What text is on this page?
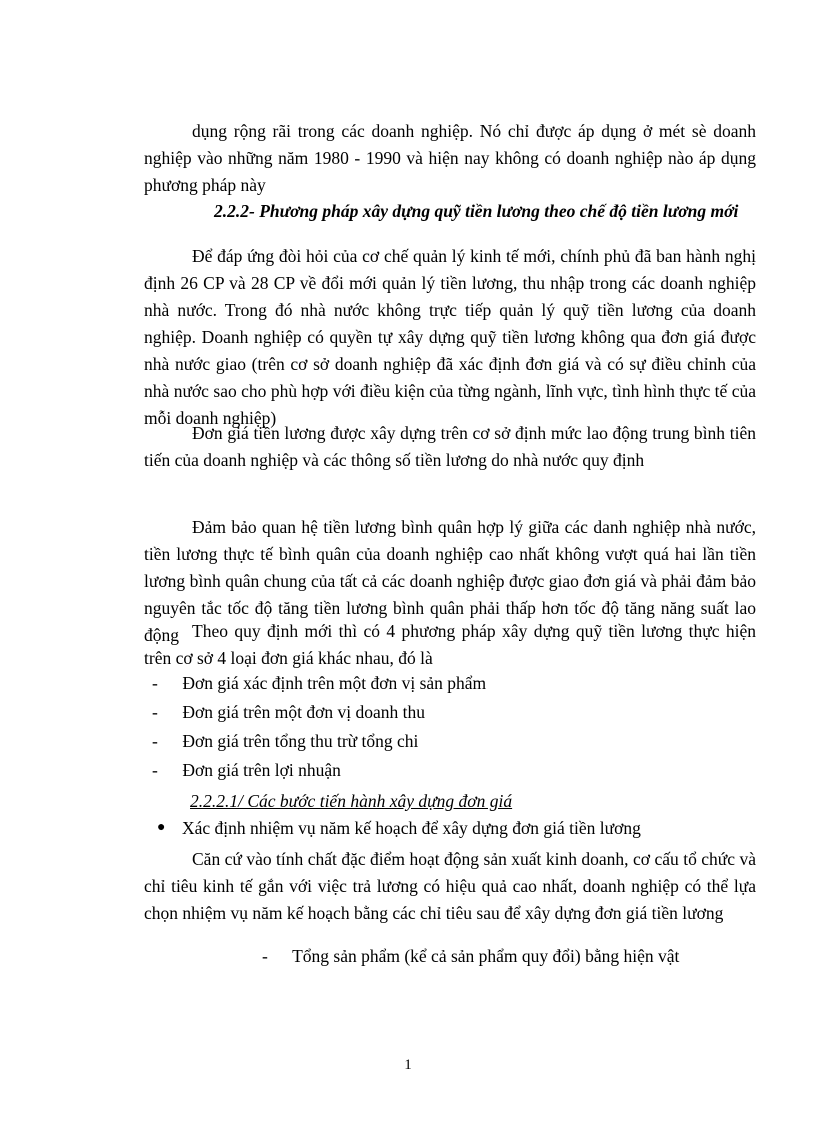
dụng rộng rãi trong các doanh nghiệp. Nó chỉ được áp dụng ở mét sè doanh nghiệp vào những năm 1980 - 1990 và hiện nay không có doanh nghiệp nào áp dụng phương pháp này
2.2.2- Phương pháp xây dựng quỹ tiền lương theo chế độ tiền lương mới
Để đáp ứng đòi hỏi của cơ chế quản lý kinh tế mới, chính phủ đã ban hành nghị định 26 CP và 28 CP về đổi mới quản lý tiền lương, thu nhập trong các doanh nghiệp nhà nước. Trong đó nhà nước không trực tiếp quản lý quỹ tiền lương của doanh nghiệp. Doanh nghiệp có quyền tự xây dựng quỹ tiền lương không qua đơn giá được nhà nước giao (trên cơ sở doanh nghiệp đã xác định đơn giá và có sự điều chỉnh của nhà nước sao cho phù hợp với điều kiện của từng ngành, lĩnh vực, tình hình thực tế của mỗi doanh nghiệp)
Đơn giá tiền lương được xây dựng trên cơ sở định mức lao động trung bình tiên tiến của doanh nghiệp và các thông số tiền lương do nhà nước quy định
Đảm bảo quan hệ tiền lương bình quân hợp lý giữa các danh nghiệp nhà nước, tiền lương thực tế bình quân của doanh nghiệp cao nhất không vượt quá hai lần tiền lương bình quân chung của tất cả các doanh nghiệp được giao đơn giá và phải đảm bảo nguyên tắc tốc độ tăng tiền lương bình quân phải thấp hơn tốc độ tăng năng suất lao động Theo quy định mới thì có 4 phương pháp xây dựng quỹ tiền lương thực hiện trên cơ sở 4 loại đơn giá khác nhau, đó là
- Đơn giá xác định trên một đơn vị sản phẩm
- Đơn giá trên một đơn vị doanh thu
- Đơn giá trên tổng thu trừ tổng chi
- Đơn giá trên lợi nhuận
2.2.2.1/ Các bước tiến hành xây dựng đơn giá
● Xác định nhiệm vụ năm kế hoạch để xây dựng đơn giá tiền lương
Căn cứ vào tính chất đặc điểm hoạt động sản xuất kinh doanh, cơ cấu tổ chức và chỉ tiêu kinh tế gắn với việc trả lương có hiệu quả cao nhất, doanh nghiệp có thể lựa chọn nhiệm vụ năm kế hoạch bằng các chỉ tiêu sau để xây dựng đơn giá tiền lương
- Tổng sản phẩm (kể cả sản phẩm quy đổi) bằng hiện vật
1
